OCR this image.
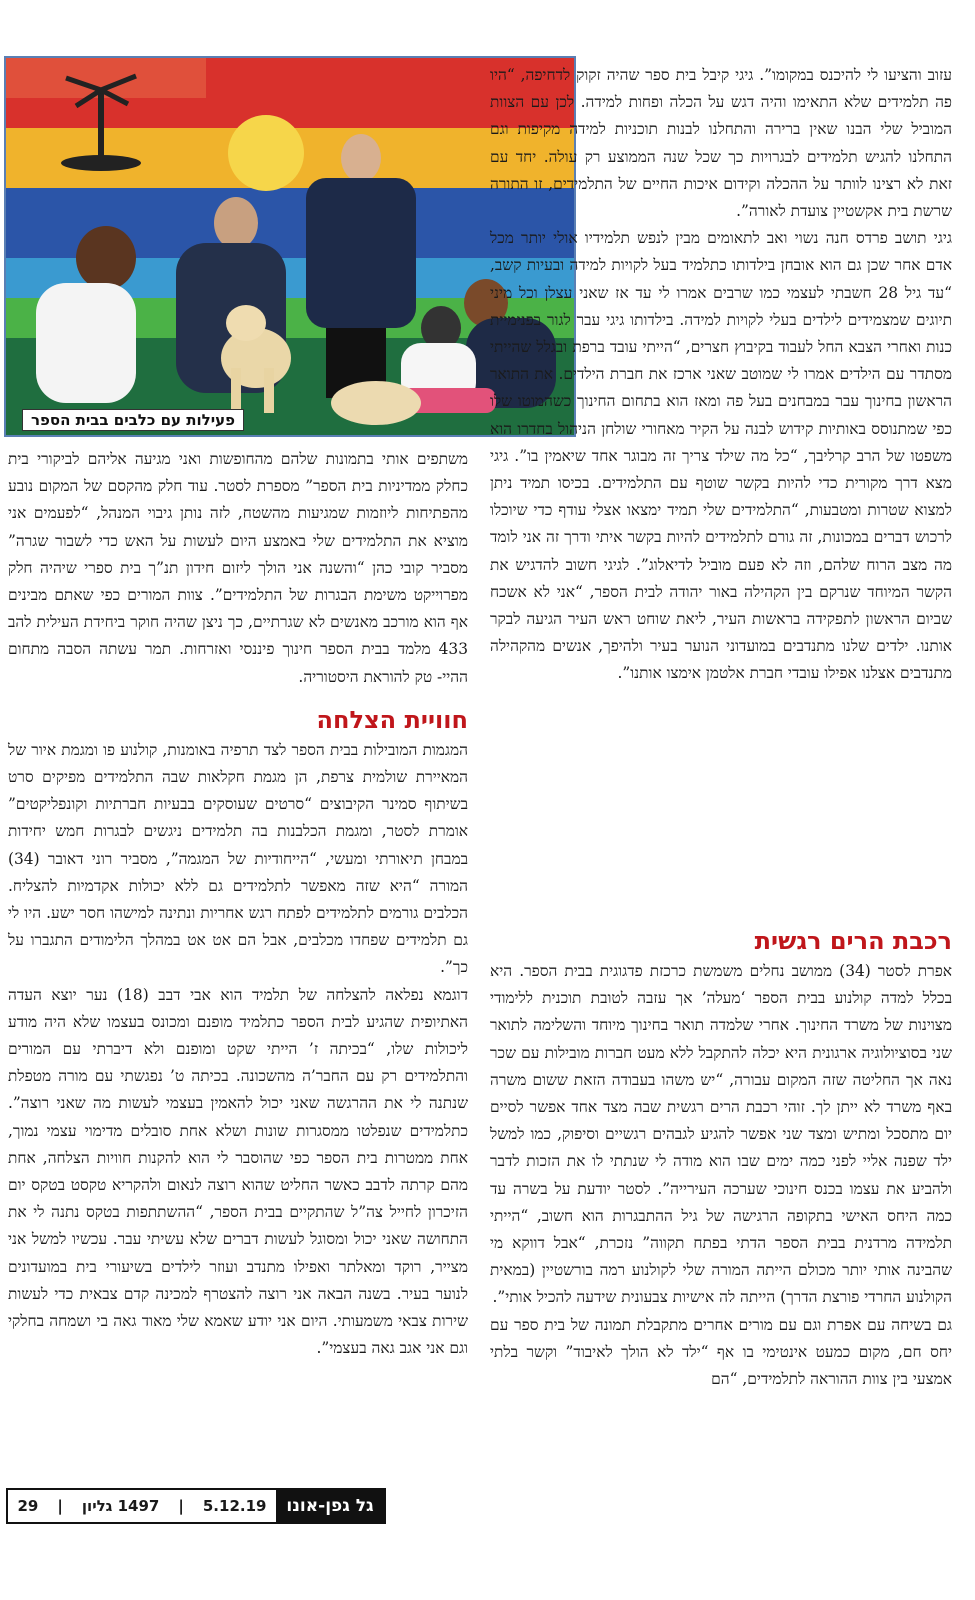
פעילות עם כלבים בבית הספר

עזוב והציעו לי להיכנס במקומו”. גיגי קיבל בית ספר שהיה זקוק לדחיפה, “היו פה תלמידים שלא התאימו והיה דגש על הכלה ופחות למידה. לכן עם הצוות המוביל שלי הבנו שאין ברירה והתחלנו לבנות תוכניות למידה מקיפות וגם התחלנו להגיש תלמידים לבגרויות כך שכל שנה הממוצע רק עולה. יחד עם זאת לא רצינו לוותר על ההכלה וקידום איכות החיים של התלמידים, זו התורה שרשת בית אקשטיין צועדת לאורה”.

גיגי תושב פרדס חנה נשוי ואב לתאומים מבין לנפש תלמידיו אולי יותר מכל אדם אחר שכן גם הוא אובחן בילדותו כתלמיד בעל לקויות למידה ובעיות קשב, “עד גיל 28 חשבתי לעצמי כמו שרבים אמרו לי עד אז שאני עצלן וכל מיני תיוגים שמצמידים לילדים בעלי לקויות למידה. בילדותו גיגי עבר לגור בפנימיית כנות ואחרי הצבא החל לעבוד בקיבוץ חצרים, “הייתי עובד ברפת ובגלל שהייתי מסתדר עם הילדים אמרו לי שמוטב שאני ארכז את חברת הילדים. את התואר הראשון בחינוך עבר במבחנים בעל פה ומאז הוא בתחום החינוך כשהמוטו שלו כפי שמתנוסס באותיות קידוש לבנה על הקיר מאחורי שולחן הניהול בחדרו הוא משפטו של הרב קרליבך, “כל מה שילד צריך זה מבוגר אחד שיאמין בו”. גיגי מצא דרך מקורית כדי להיות בקשר שוטף עם התלמידים. בכיסו תמיד ניתן למצוא שטרות ומטבעות, “התלמידים שלי תמיד ימצאו אצלי עודף כדי שיוכלו לרכוש דברים במכונות, זה גורם לתלמידים להיות בקשר איתי ודרך זה אני לומד מה מצב הרוח שלהם, וזה לא פעם מוביל לדיאלוג”. לגיגי חשוב להדגיש את הקשר המיוחד שנרקם בין הקהילה באור יהודה לבית הספר, “אני לא אשכח שביום הראשון לתפקידה בראשות העיר, ליאת שוחט ראש העיר הגיעה לבקר אותנו. ילדים שלנו מתנדבים במועדוני הנוער בעיר ולהיפך, אנשים מהקהילה מתנדבים אצלנו אפילו עובדי חברת אלטמן אימצו אותנו”.

רכבת הרים רגשית

אפרת לסטר (34) ממושב נחלים משמשת כרכזת פדגוגית בבית הספר. היא בכלל למדה קולנוע בבית הספר ‘מעלה’ אך עזבה לטובת תוכנית ללימודי מצוינות של משרד החינוך. אחרי שלמדה תואר בחינוך מיוחד והשלימה לתואר שני בסוציולוגיה ארגונית היא יכלה להתקבל ללא מעט חברות מובילות עם שכר נאה אך החליטה שזה המקום עבורה, “יש משהו בעבודה הזאת ששום משרה באף משרד לא ייתן לך. זוהי רכבת הרים רגשית שבה מצד אחד אפשר לסיים יום מתסכל ומתיש ומצד שני אפשר להגיע לגבהים רגשיים וסיפוק, כמו למשל ילד שפנה אליי לפני כמה ימים שבו הוא מודה לי שנתתי לו את הזכות לדבר ולהביע את עצמו בכנס חינוכי שערכה העירייה”. לסטר יודעת על בשרה עד כמה היחס האישי בתקופה הרגישה של גיל ההתבגרות הוא חשוב, “הייתי תלמידה מרדנית בבית הספר הדתי בפתח תקווה” נזכרת, “אבל דווקא מי שהבינה אותי יותר מכולם הייתה המורה שלי לקולנוע רמה בורשטיין (במאית הקולנוע החרדי פורצת הדרך) הייתה לה אישיות צבעונית שידעה להכיל אותי”.

גם בשיחה עם אפרת וגם עם מורים אחרים מתקבלת תמונה של בית ספר עם יחס חם, מקום כמעט אינטימי בו אף “ילד לא הולך לאיבוד” וקשר בלתי אמצעי בין צוות ההוראה לתלמידים, “הם

משתפים אותי בתמונות שלהם מהחופשות ואני מגיעה אליהם לביקורי בית כחלק ממדיניות בית הספר” מספרת לסטר. עוד חלק מהקסם של המקום נובע מהפתיחות ליוזמות שמגיעות מהשטח, לזה נותן גיבוי המנהל, “לפעמים אני מוציא את התלמידים שלי באמצע היום לעשות על האש כדי לשבור שגרה” מסביר קובי כהן “והשנה אני הולך ליזום חידון תנ”ך בית ספרי שיהיה חלק מפרוייקט משימת הבגרות של התלמידים”. צוות המורים כפי שאתם מבינים אף הוא מורכב מאנשים לא שגרתיים, כך ניצן שהיה חוקר ביחידת העילית להב 433 מלמד בבית הספר חינוך פיננסי ואזרחות. תמר עשתה הסבה מתחום ההיי- טק להוראת היסטוריה.

חוויית הצלחה

המגמות המובילות בבית הספר לצד תרפיה באומנות, קולנוע פו ומגמת איור של המאיירת שולמית צרפת, הן מגמת חקלאות שבה התלמידים מפיקים סרט בשיתוף סמינר הקיבוצים “סרטים שעוסקים בבעיות חברתיות וקונפליקטים” אומרת לסטר, ומגמת הכלבנות בה תלמידים ניגשים לבגרות חמש יחידות במבחן תיאורתי ומעשי, “הייחודיות של המגמה”, מסביר רוני דאובר (34) המורה “היא שזה מאפשר לתלמידים גם ללא יכולות אקדמיות להצליח. הכלבים גורמים לתלמידים לפתח רגש אחריות ונתינה למישהו חסר ישע. היו לי גם תלמידים שפחדו מכלבים, אבל הם אט אט במהלך הלימודים התגברו על כך”.

דוגמא נפלאה להצלחה של תלמיד הוא אבי דבב (18) נער יוצא העדה האתיופית שהגיע לבית הספר כתלמיד מופנם ומכונס בעצמו שלא היה מודע ליכולות שלו, “בכיתה ז’ הייתי שקט ומופנם ולא דיברתי עם המורים והתלמידים רק עם החבר’ה מהשכונה. בכיתה ט’ נפגשתי עם מורה מטפלת שנתנה לי את ההרגשה שאני יכול להאמין בעצמי לעשות מה שאני רוצה”. כתלמידים שנפלטו ממסגרות שונות ושלא אחת סובלים מדימוי עצמי נמוך, אחת ממטרות בית הספר כפי שהוסבר לי הוא להקנות חוויות הצלחה, אחת מהם קרתה לדבב כאשר החליט שהוא רוצה לנאום ולהקריא טקסט בטקס יום הזיכרון לחייל צה”ל שהתקיים בבית הספר, “ההשתתפות בטקס נתנה לי את התחושה שאני יכול ומסוגל לעשות דברים שלא עשיתי עבר. עכשיו למשל אני מצייר, רוקד ומאלתר ואפילו מתנדב ועוזר לילדים בשיעורי בית במועדונים לנוער בעיר. בשנה הבאה אני רוצה להצטרף למכינה קדם צבאית כדי לעשות שירות צבאי משמעותי. היום אני יודע שאמא שלי מאוד גאה בי ושמחה בחלקי וגם אני אגב גאה בעצמי”.

29 | 1497 גליון | 5.12.19	גל גפן-אונו
